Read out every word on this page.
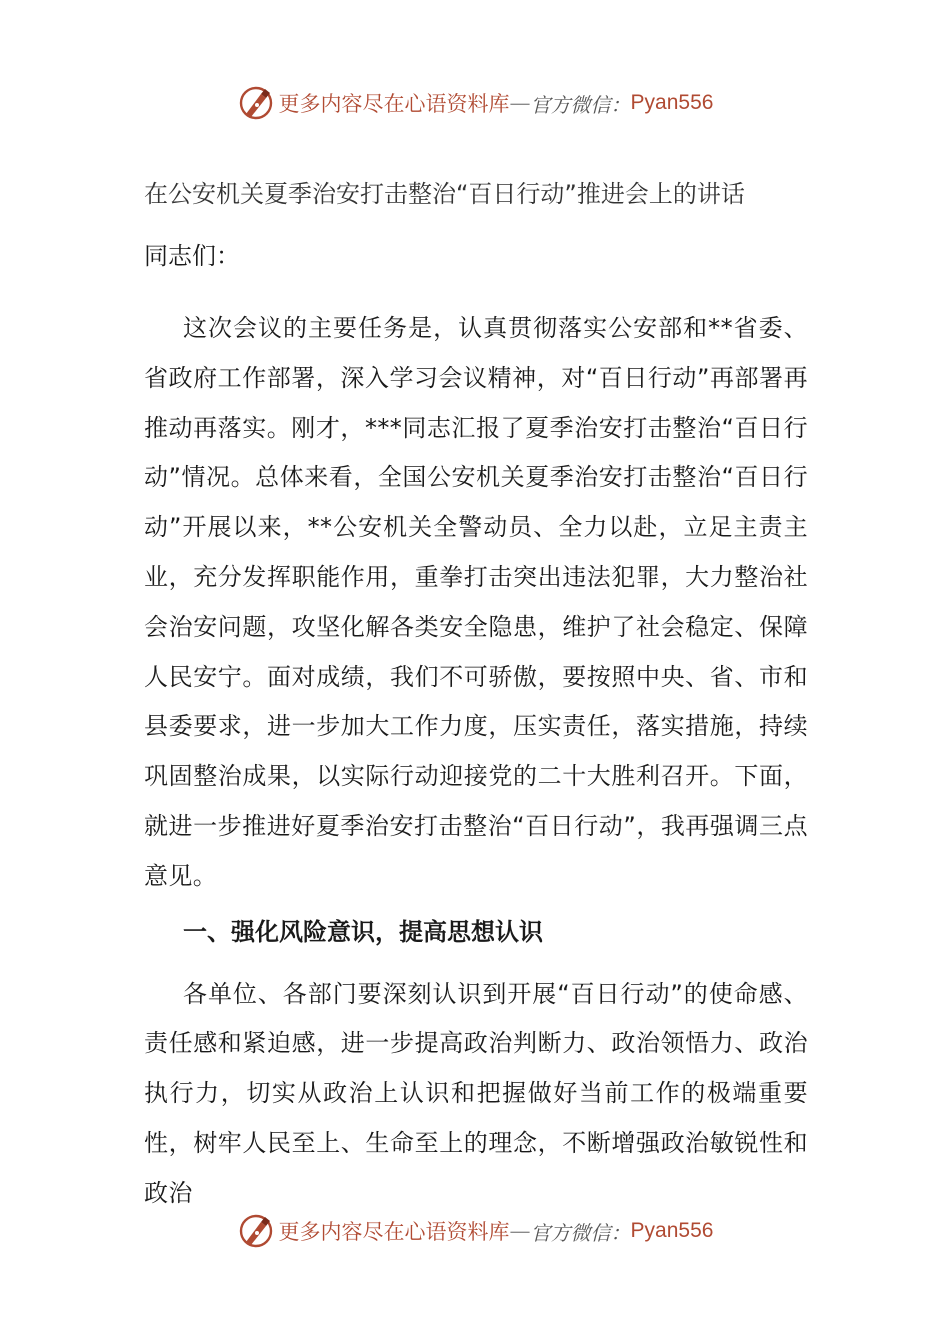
更多内容尽在心语资料库 — 官方微信： Pyan556

在公安机关夏季治安打击整治“百日行动”推进会上的讲话

同志们：

这次会议的主要任务是，认真贯彻落实公安部和**省委、省政府工作部署，深入学习会议精神，对“百日行动”再部署再推动再落实。刚才，***同志汇报了夏季治安打击整治“百日行动”情况。总体来看，全国公安机关夏季治安打击整治“百日行动”开展以来，**公安机关全警动员、全力以赴，立足主责主业，充分发挥职能作用，重拳打击突出违法犯罪，大力整治社会治安问题，攻坚化解各类安全隐患，维护了社会稳定、保障人民安宁。面对成绩，我们不可骄傲，要按照中央、省、市和县委要求，进一步加大工作力度，压实责任，落实措施，持续巩固整治成果，以实际行动迎接党的二十大胜利召开。下面，就进一步推进好夏季治安打击整治“百日行动”，我再强调三点意见。

一、强化风险意识，提高思想认识

各单位、各部门要深刻认识到开展“百日行动”的使命感、责任感和紧迫感，进一步提高政治判断力、政治领悟力、政治执行力，切实从政治上认识和把握做好当前工作的极端重要性，树牢人民至上、生命至上的理念，不断增强政治敏锐性和政治

更多内容尽在心语资料库 — 官方微信： Pyan556
